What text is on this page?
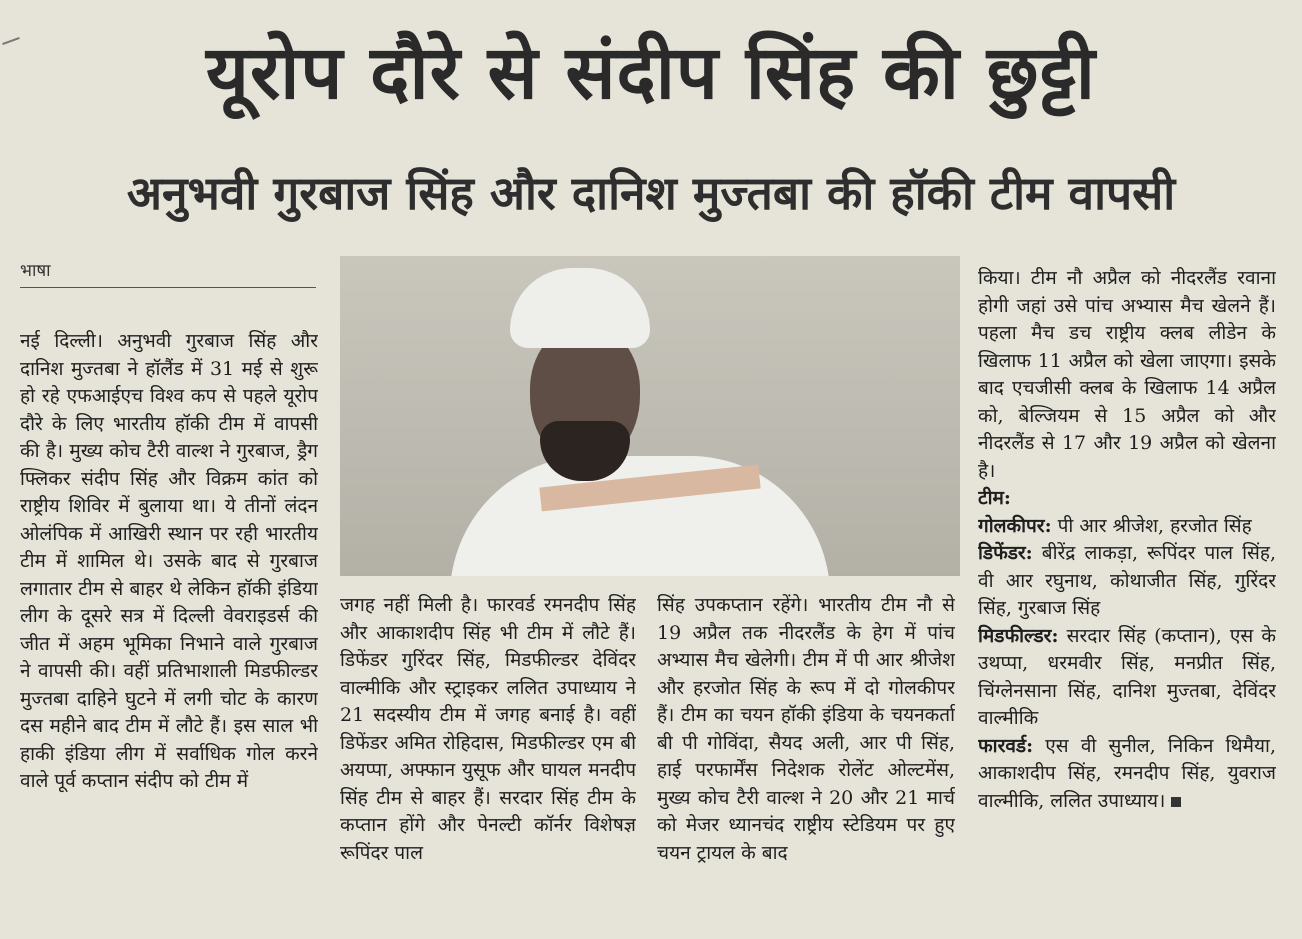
यूरोप दौरे से संदीप सिंह की छुट्टी
अनुभवी गुरबाज सिंह और दानिश मुज्तबा की हॉकी टीम वापसी
भाषा

नई दिल्ली। अनुभवी गुरबाज सिंह और दानिश मुज्तबा ने हॉलैंड में 31 मई से शुरू हो रहे एफआईएच विश्व कप से पहले यूरोप दौरे के लिए भारतीय हॉकी टीम में वापसी की है। मुख्य कोच टैरी वाल्श ने गुरबाज, ड्रैग फ्लिकर संदीप सिंह और विक्रम कांत को राष्ट्रीय शिविर में बुलाया था। ये तीनों लंदन ओलंपिक में आखिरी स्थान पर रही भारतीय टीम में शामिल थे। उसके बाद से गुरबाज लगातार टीम से बाहर थे लेकिन हॉकी इंडिया लीग के दूसरे सत्र में दिल्ली वेवराइडर्स की जीत में अहम भूमिका निभाने वाले गुरबाज ने वापसी की। वहीं प्रतिभाशाली मिडफील्डर मुज्तबा दाहिने घुटने में लगी चोट के कारण दस महीने बाद टीम में लौटे हैं। इस साल भी हाकी इंडिया लीग में सर्वाधिक गोल करने वाले पूर्व कप्तान संदीप को टीम में

जगह नहीं मिली है। फारवर्ड रमनदीप सिंह और आकाशदीप सिंह भी टीम में लौटे हैं। डिफेंडर गुरिंदर सिंह, मिडफील्डर देविंदर वाल्मीकि और स्ट्राइकर ललित उपाध्याय ने 21 सदस्यीय टीम में जगह बनाई है। वहीं डिफेंडर अमित रोहिदास, मिडफील्डर एम बी अयप्पा, अफ्फान युसूफ और घायल मनदीप सिंह टीम से बाहर हैं। सरदार सिंह टीम के कप्तान होंगे और पेनल्टी कॉर्नर विशेषज्ञ रूपिंदर पाल

सिंह उपकप्तान रहेंगे। भारतीय टीम नौ से 19 अप्रैल तक नीदरलैंड के हेग में पांच अभ्यास मैच खेलेगी। टीम में पी आर श्रीजेश और हरजोत सिंह के रूप में दो गोलकीपर हैं। टीम का चयन हॉकी इंडिया के चयनकर्ता बी पी गोविंदा, सैयद अली, आर पी सिंह, हाई परफार्मेंस निदेशक रोलेंट ओल्टमेंस, मुख्य कोच टैरी वाल्श ने 20 और 21 मार्च को मेजर ध्यानचंद राष्ट्रीय स्टेडियम पर हुए चयन ट्रायल के बाद

किया। टीम नौ अप्रैल को नीदरलैंड रवाना होगी जहां उसे पांच अभ्यास मैच खेलने हैं। पहला मैच डच राष्ट्रीय क्लब लीडेन के खिलाफ 11 अप्रैल को खेला जाएगा। इसके बाद एचजीसी क्लब के खिलाफ 14 अप्रैल को, बेल्जियम से 15 अप्रैल को और नीदरलैंड से 17 और 19 अप्रैल को खेलना है।

टीम:

गोलकीपर: पी आर श्रीजेश, हरजोत सिंह

डिफेंडर: बीरेंद्र लाकड़ा, रूपिंदर पाल सिंह, वी आर रघुनाथ, कोथाजीत सिंह, गुरिंदर सिंह, गुरबाज सिंह

मिडफील्डर: सरदार सिंह (कप्तान), एस के उथप्पा, धरमवीर सिंह, मनप्रीत सिंह, चिंग्लेनसाना सिंह, दानिश मुज्तबा, देविंदर वाल्मीकि

फारवर्ड: एस वी सुनील, निकिन थिमैया, आकाशदीप सिंह, रमनदीप सिंह, युवराज वाल्मीकि, ललित उपाध्याय।
